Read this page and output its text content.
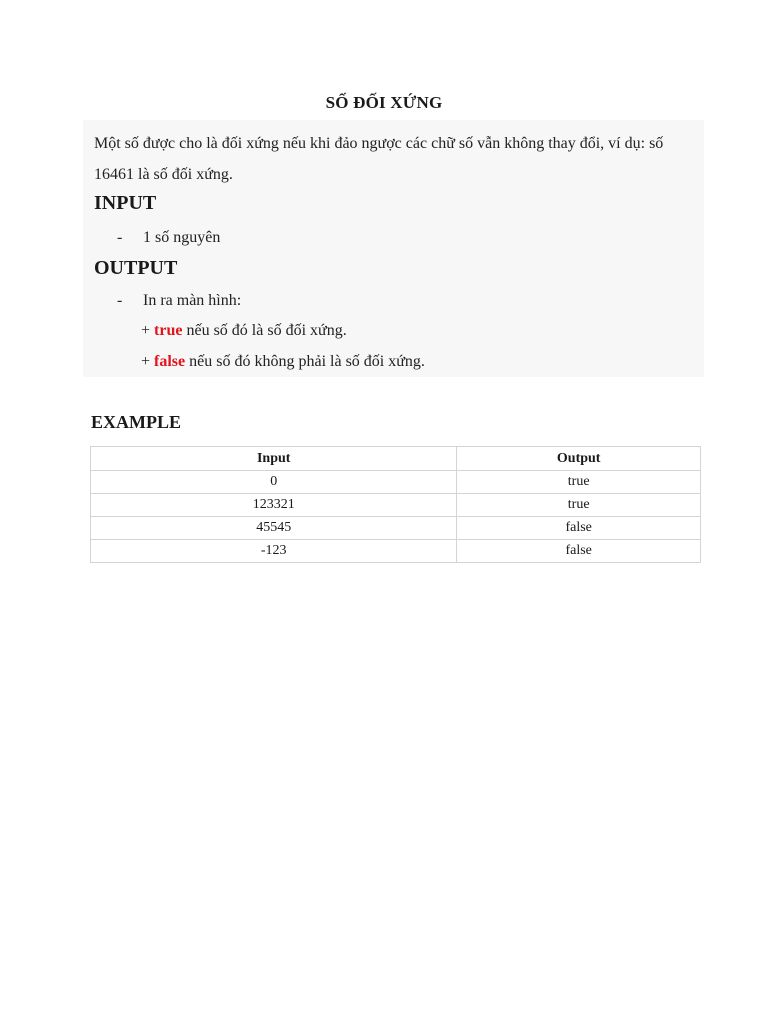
SỐ ĐỐI XỨNG
Một số được cho là đối xứng nếu khi đảo ngược các chữ số vẫn không thay đổi, ví dụ: số
16461 là số đối xứng.
INPUT
- 1 số nguyên
OUTPUT
- In ra màn hình:
+ true nếu số đó là số đối xứng.
+ false nếu số đó không phải là số đối xứng.
EXAMPLE
Input	Output
0	true
123321	true
45545	false
-123	false
